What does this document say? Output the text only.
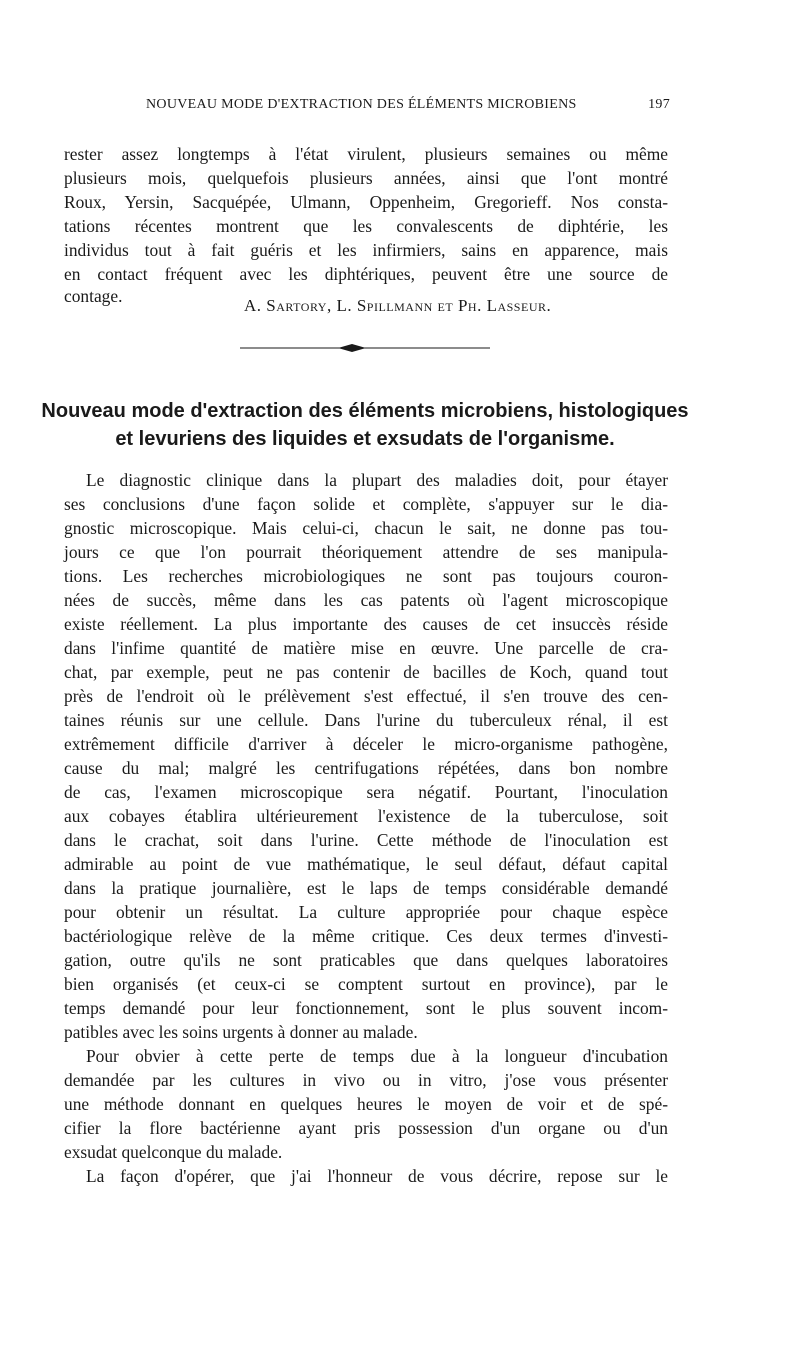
NOUVEAU MODE D'EXTRACTION DES ÉLÉMENTS MICROBIENS	197
rester assez longtemps à l'état virulent, plusieurs semaines ou même
plusieurs mois, quelquefois plusieurs années, ainsi que l'ont montré
Roux, Yersin, Sacquépée, Ulmann, Oppenheim, Gregorieff. Nos consta-
tations récentes montrent que les convalescents de diphtérie, les
individus tout à fait guéris et les infirmiers, sains en apparence, mais
en contact fréquent avec les diphtériques, peuvent être une source de
contage.	A. Sartory, L. Spillmann et Ph. Lasseur.
Nouveau mode d'extraction des éléments microbiens, histologiques
et levuriens des liquides et exsudats de l'organisme.
Le diagnostic clinique dans la plupart des maladies doit, pour étayer
ses conclusions d'une façon solide et complète, s'appuyer sur le dia-
gnostic microscopique. Mais celui-ci, chacun le sait, ne donne pas tou-
jours ce que l'on pourrait théoriquement attendre de ses manipula-
tions. Les recherches microbiologiques ne sont pas toujours couron-
nées de succès, même dans les cas patents où l'agent microscopique
existe réellement. La plus importante des causes de cet insuccès réside
dans l'infime quantité de matière mise en œuvre. Une parcelle de cra-
chat, par exemple, peut ne pas contenir de bacilles de Koch, quand tout
près de l'endroit où le prélèvement s'est effectué, il s'en trouve des cen-
taines réunis sur une cellule. Dans l'urine du tuberculeux rénal, il est
extrêmement difficile d'arriver à déceler le micro-organisme pathogène,
cause du mal; malgré les centrifugations répétées, dans bon nombre
de cas, l'examen microscopique sera négatif. Pourtant, l'inoculation
aux cobayes établira ultérieurement l'existence de la tuberculose, soit
dans le crachat, soit dans l'urine. Cette méthode de l'inoculation est
admirable au point de vue mathématique, le seul défaut, défaut capital
dans la pratique journalière, est le laps de temps considérable demandé
pour obtenir un résultat. La culture appropriée pour chaque espèce
bactériologique relève de la même critique. Ces deux termes d'investi-
gation, outre qu'ils ne sont praticables que dans quelques laboratoires
bien organisés (et ceux-ci se comptent surtout en province), par le
temps demandé pour leur fonctionnement, sont le plus souvent incom-
patibles avec les soins urgents à donner au malade.
Pour obvier à cette perte de temps due à la longueur d'incubation
demandée par les cultures in vivo ou in vitro, j'ose vous présenter
une méthode donnant en quelques heures le moyen de voir et de spé-
cifier la flore bactérienne ayant pris possession d'un organe ou d'un
exsudat quelconque du malade.
La façon d'opérer, que j'ai l'honneur de vous décrire, repose sur le
